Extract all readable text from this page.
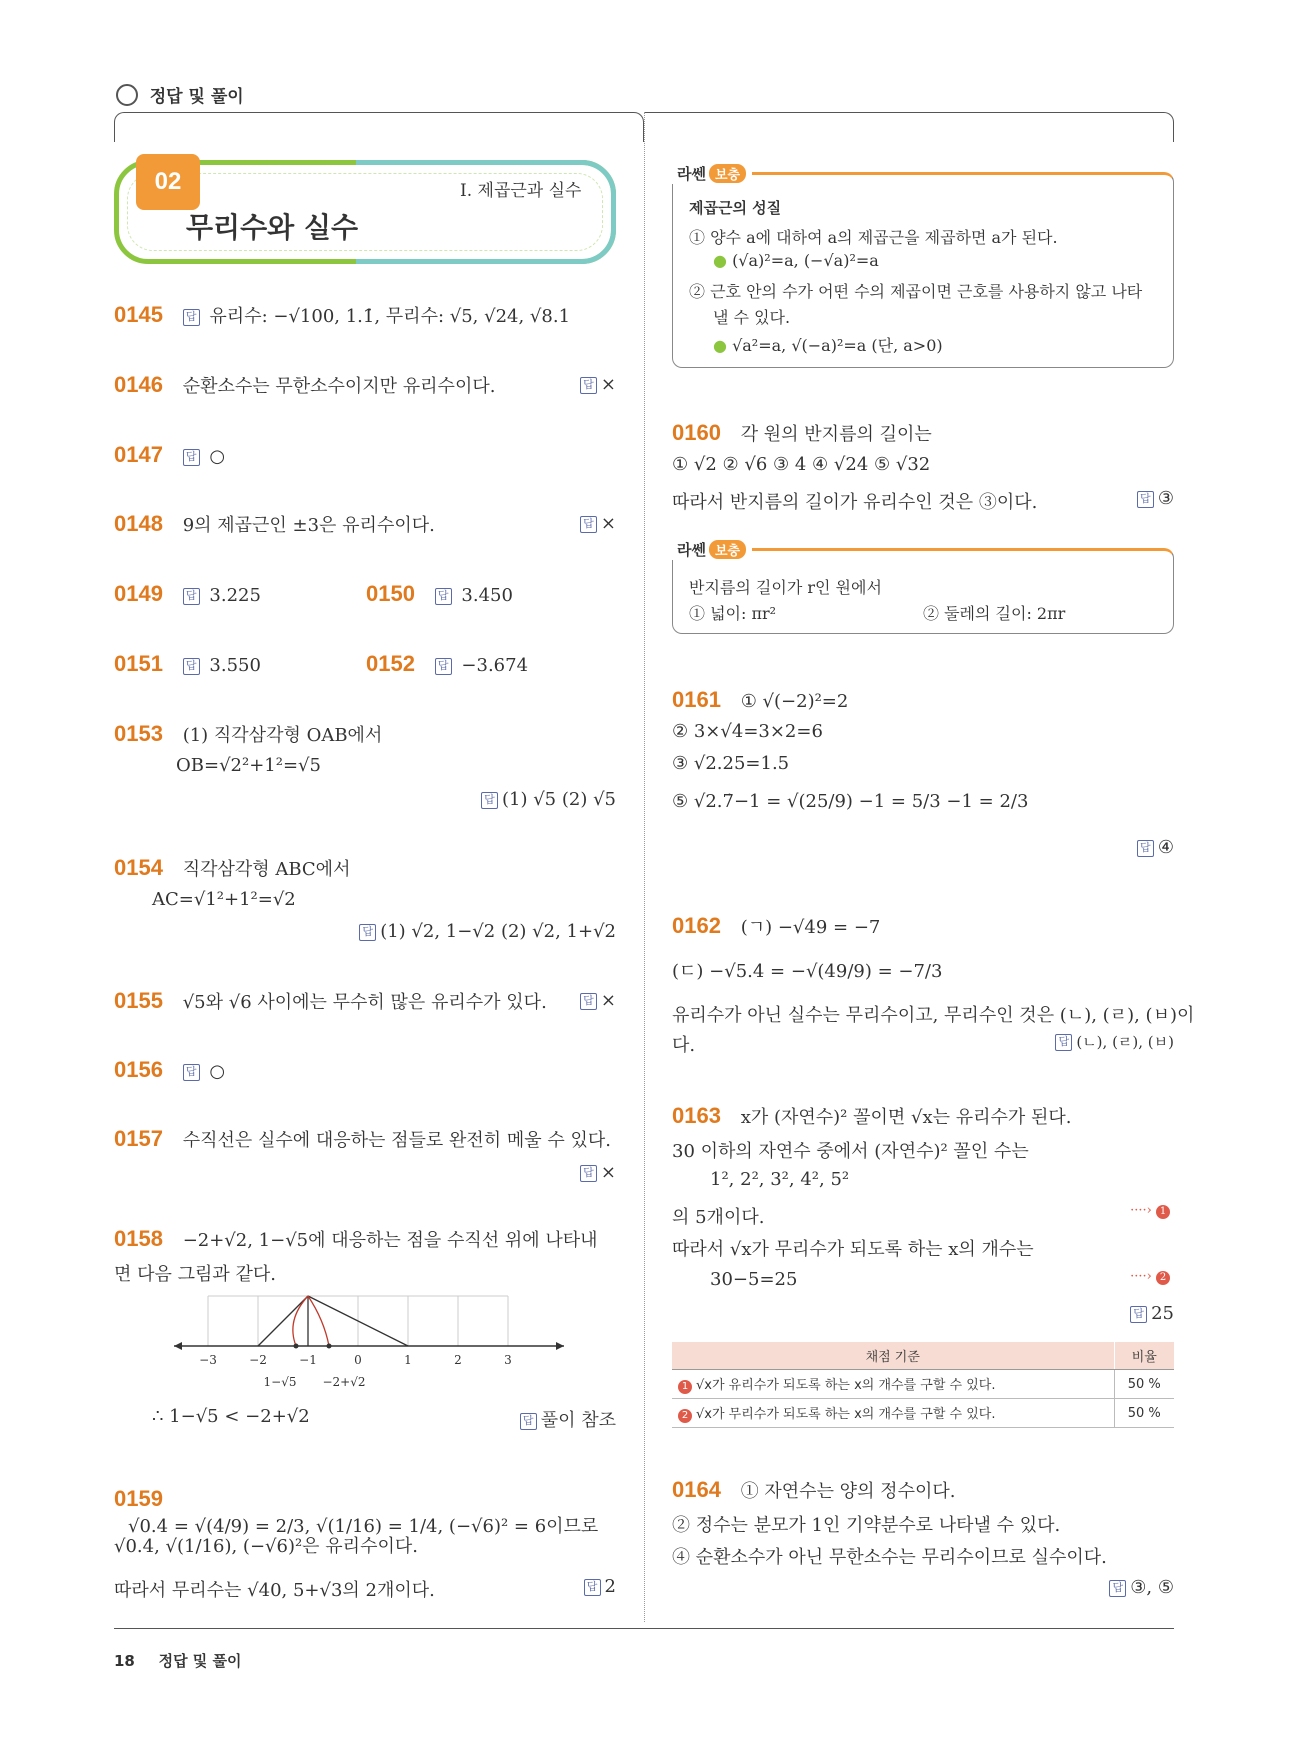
정답 및 풀이
02
무리수와 실수
I. 제곱근과 실수
0145 답 유리수: −√100, 1.1̇, 무리수: √5, √24, √8.1
0146 순환소수는 무한소수이지만 유리수이다.	답 ×
0147 답 ○
0148 9의 제곱근인 ±3은 유리수이다.	답 ×
0149 답 3.225	0150 답 3.450
0151 답 3.550	0152 답 −3.674
0153 (1) 직각삼각형 OAB에서
OB=√2²+1²=√5
답 (1) √5 (2) √5
0154 직각삼각형 ABC에서
AC=√1²+1²=√2
답 (1) √2, 1−√2 (2) √2, 1+√2
0155 √5와 √6 사이에는 무수히 많은 유리수가 있다.	답 ×
0156 답 ○
0157 수직선은 실수에 대응하는 점들로 완전히 메울 수 있다.
답 ×
0158 −2+√2, 1−√5에 대응하는 점을 수직선 위에 나타내
면 다음 그림과 같다.
−3	−2	−1	0	1	2	3
1−√5 −2+√2
∴ 1−√5 < −2+√2	답 풀이 참조
0159 √0.4̇ = √(4/9) = 2/3, √(1/16) = 1/4, (−√6)² = 6이므로
√0.4̇, √(1/16), (−√6)²은 유리수이다.
따라서 무리수는 √40, 5+√3의 2개이다.	답 2
라쎈 보충
제곱근의 성질
① 양수 a에 대하여 a의 제곱근을 제곱하면 a가 된다.
● (√a)²=a, (−√a)²=a
② 근호 안의 수가 어떤 수의 제곱이면 근호를 사용하지 않고 나타
낼 수 있다.
● √a²=a, √(−a)²=a (단, a>0)
0160 각 원의 반지름의 길이는
① √2 ② √6 ③ 4 ④ √24 ⑤ √32
따라서 반지름의 길이가 유리수인 것은 ③이다.	답 ③
라쎈 보충
반지름의 길이가 r인 원에서
① 넓이: πr²	② 둘레의 길이: 2πr
0161 ① √(−2)²=2
② 3×√4=3×2=6
③ √2.25=1.5
⑤ √2.7̇−1 = √(25/9) −1 = 5/3 −1 = 2/3
답 ④
0162 (ㄱ) −√49 = −7
(ㄷ) −√5.4̇ = −√(49/9) = −7/3
유리수가 아닌 실수는 무리수이고, 무리수인 것은 (ㄴ), (ㄹ), (ㅂ)이
다.	답 (ㄴ), (ㄹ), (ㅂ)
0163 x가 (자연수)² 꼴이면 √x는 유리수가 된다.
30 이하의 자연수 중에서 (자연수)² 꼴인 수는
1², 2², 3², 4², 5²
의 5개이다.	····› 1
따라서 √x가 무리수가 되도록 하는 x의 개수는
30−5=25	····› 2
답 25
채점 기준	비율
1 √x가 유리수가 되도록 하는 x의 개수를 구할 수 있다.	50 %
2 √x가 무리수가 되도록 하는 x의 개수를 구할 수 있다.	50 %
0164 ① 자연수는 양의 정수이다.
② 정수는 분모가 1인 기약분수로 나타낼 수 있다.
④ 순환소수가 아닌 무한소수는 무리수이므로 실수이다.
답 ③, ⑤
18 정답 및 풀이
